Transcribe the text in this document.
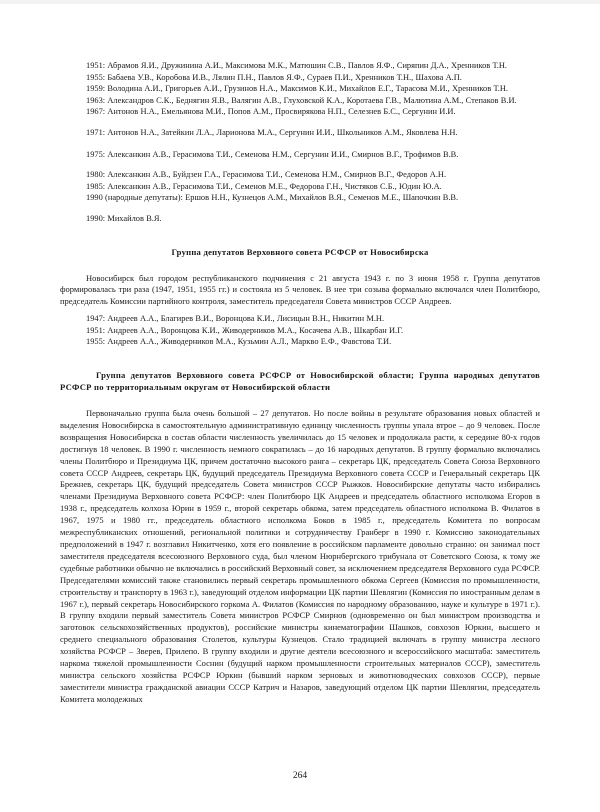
1951: Абрамов Я.И., Дружинина А.И., Максимова М.К., Матюшин С.В., Павлов Я.Ф., Сиряпин Д.А., Хренников Т.Н.

1955: Бабаева У.В., Коробова И.В., Лялин П.Н., Павлов Я.Ф., Сураев П.И., Хренников Т.Н., Шахова А.П.

1959: Володина А.И., Григорьев А.И., Грузинов Н.А., Максимов К.И., Михайлов Е.Г., Тарасова М.И., Хренников Т.Н.

1963: Александров С.К., Беднягин Я.В., Валягин А.В., Глуховской К.А., Коротаева Г.В., Малютина А.М., Степаков В.И.

1967: Антонов Н.А., Емельянова М.И., Попов А.М., Просвирякова Н.П., Селезнев Б.С., Сергунин И.И.

1971: Антонов Н.А., Затейкин Л.А., Ларионова М.А., Сергунин И.И., Школьников А.М., Яковлева Н.Н.

1975: Алексанкин А.В., Герасимова Т.И., Семенова Н.М., Сергунин И.И., Смирнов В.Г., Трофимов В.В.

1980: Алексанкин А.В., Буйдзен Г.А., Герасимова Т.И., Семенова Н.М., Смирнов В.Г., Федоров А.Н.

1985: Алексанкин А.В., Герасимова Т.И., Семенов М.Е., Федорова Г.Н., Чистяков С.Б., Юдин Ю.А.

1990 (народные депутаты): Ершов Н.Н., Кузнецов А.М., Михайлов В.Я., Семенов М.Е., Шапочкин В.В.

1990: Михайлов В.Я.

Группа депутатов Верховного совета РСФСР от Новосибирска

Новосибирск был городом республиканского подчинения с 21 августа 1943 г. по 3 июня 1958 г. Группа депутатов формировалась три раза (1947, 1951, 1955 гг.) и состояла из 5 человек. В нее три созыва формально включался член Политбюро, председатель Комиссии партийного контроля, заместитель председателя Совета министров СССР Андреев.

1947: Андреев А.А., Благирев В.И., Воронцова К.И., Лисицын В.Н., Никитин М.Н.

1951: Андреев А.А., Воронцова К.И., Живодерников М.А., Косачева А.В., Шкарбан И.Г.

1955: Андреев А.А., Живодерников М.А., Кузьмин А.Л., Марквo Е.Ф., Фавстова Т.И.

Группа депутатов Верховного совета РСФСР от Новосибирской области; Группа народных депутатов РСФСР по территориальным округам от Новосибирской области

Первоначально группа была очень большой – 27 депутатов. Но после войны в результате образования новых областей и выделения Новосибирска в самостоятельную административную единицу численность группы упала втрое – до 9 человек. После возвращения Новосибирска в состав области численность увеличилась до 15 человек и продолжала расти, к середине 80-х годов достигнув 18 человек. В 1990 г. численность немного сократилась – до 16 народных депутатов. В группу формально включались члены Политбюро и Президиума ЦК, причем достаточно высокого ранга – секретарь ЦК, председатель Совета Союза Верховного совета СССР Андреев, секретарь ЦК, будущий председатель Президиума Верховного совета СССР и Генеральный секретарь ЦК Брежнев, секретарь ЦК, будущий председатель Совета министров СССР Рыжков. Новосибирские депутаты часто избирались членами Президиума Верховного совета РСФСР: член Политбюро ЦК Андреев и председатель областного исполкома Егоров в 1938 г., председатель колхоза Юрин в 1959 г., второй секретарь обкома, затем председатель областного исполкома В. Филатов в 1967, 1975 и 1980 гг., председатель областного исполкома Боков в 1985 г., председатель Комитета по вопросам межреспубликанских отношений, региональной политики и сотрудничеству Гранберг в 1990 г. Комиссию законодательных предположений в 1947 г. возглавил Никитченко, хотя его появление в российском парламенте довольно странно: он занимал пост заместителя председателя всесоюзного Верховного суда, был членом Нюрнбергского трибунала от Советского Союза, к тому же судебные работники обычно не включались в российский Верховный совет, за исключением председателя Верховного суда РСФСР. Председателями комиссий также становились первый секретарь промышленного обкома Сергеев (Комиссия по промышленности, строительству и транспорту в 1963 г.), заведующий отделом информации ЦК партии Шевлягин (Комиссия по иностранным делам в 1967 г.), первый секретарь Новосибирского горкома А. Филатов (Комиссия по народному образованию, науке и культуре в 1971 г.). В группу входили первый заместитель Совета министров РСФСР Смирнов (одновременно он был министром производства и заготовок сельскохозяйственных продуктов), российские министры кинематографии Шашков, совхозов Юркин, высшего и среднего специального образования Столетов, культуры Кузнецов. Стало традицией включать в группу министра лесного хозяйства РСФСР – Зверев, Прилепо. В группу входили и другие деятели всесоюзного и всероссийского масштаба: заместитель наркома тяжелой промышленности Соснин (будущий нарком промышленности строительных материалов СССР), заместитель министра сельского хозяйства РСФСР Юркин (бывший нарком зерновых и животноводческих совхозов СССР), первые заместители министра гражданской авиации СССР Катрич и Назаров, заведующий отделом ЦК партии Шевлягин, председатель Комитета молодежных

264
